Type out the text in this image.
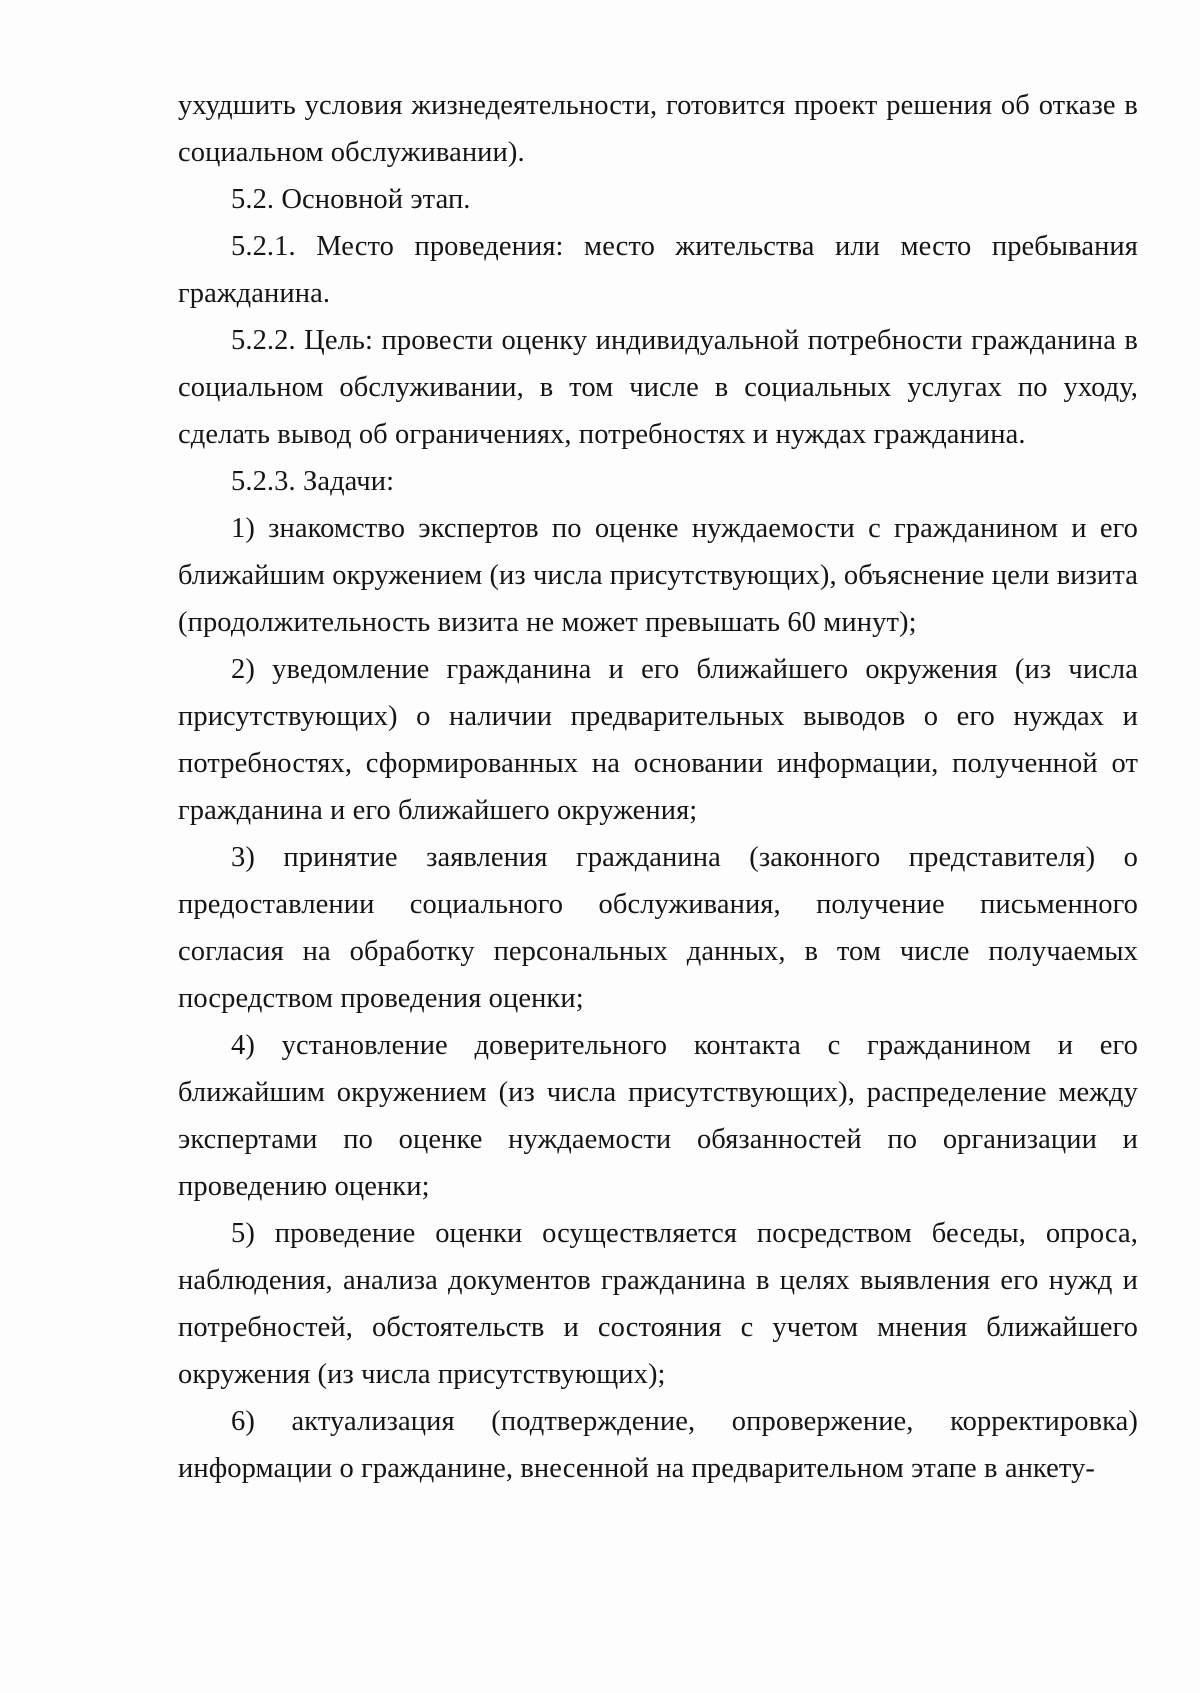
ухудшить условия жизнедеятельности, готовится проект решения об отказе в социальном обслуживании).

5.2. Основной этап.

5.2.1. Место проведения: место жительства или место пребывания гражданина.

5.2.2. Цель: провести оценку индивидуальной потребности гражданина в социальном обслуживании, в том числе в социальных услугах по уходу, сделать вывод об ограничениях, потребностях и нуждах гражданина.

5.2.3. Задачи:

1) знакомство экспертов по оценке нуждаемости с гражданином и его ближайшим окружением (из числа присутствующих), объяснение цели визита (продолжительность визита не может превышать 60 минут);

2) уведомление гражданина и его ближайшего окружения (из числа присутствующих) о наличии предварительных выводов о его нуждах и потребностях, сформированных на основании информации, полученной от гражданина и его ближайшего окружения;

3) принятие заявления гражданина (законного представителя) о предоставлении социального обслуживания, получение письменного согласия на обработку персональных данных, в том числе получаемых посредством проведения оценки;

4) установление доверительного контакта с гражданином и его ближайшим окружением (из числа присутствующих), распределение между экспертами по оценке нуждаемости обязанностей по организации и проведению оценки;

5) проведение оценки осуществляется посредством беседы, опроса, наблюдения, анализа документов гражданина в целях выявления его нужд и потребностей, обстоятельств и состояния с учетом мнения ближайшего окружения (из числа присутствующих);

6) актуализация (подтверждение, опровержение, корректировка) информации о гражданине, внесенной на предварительном этапе в анкету-
